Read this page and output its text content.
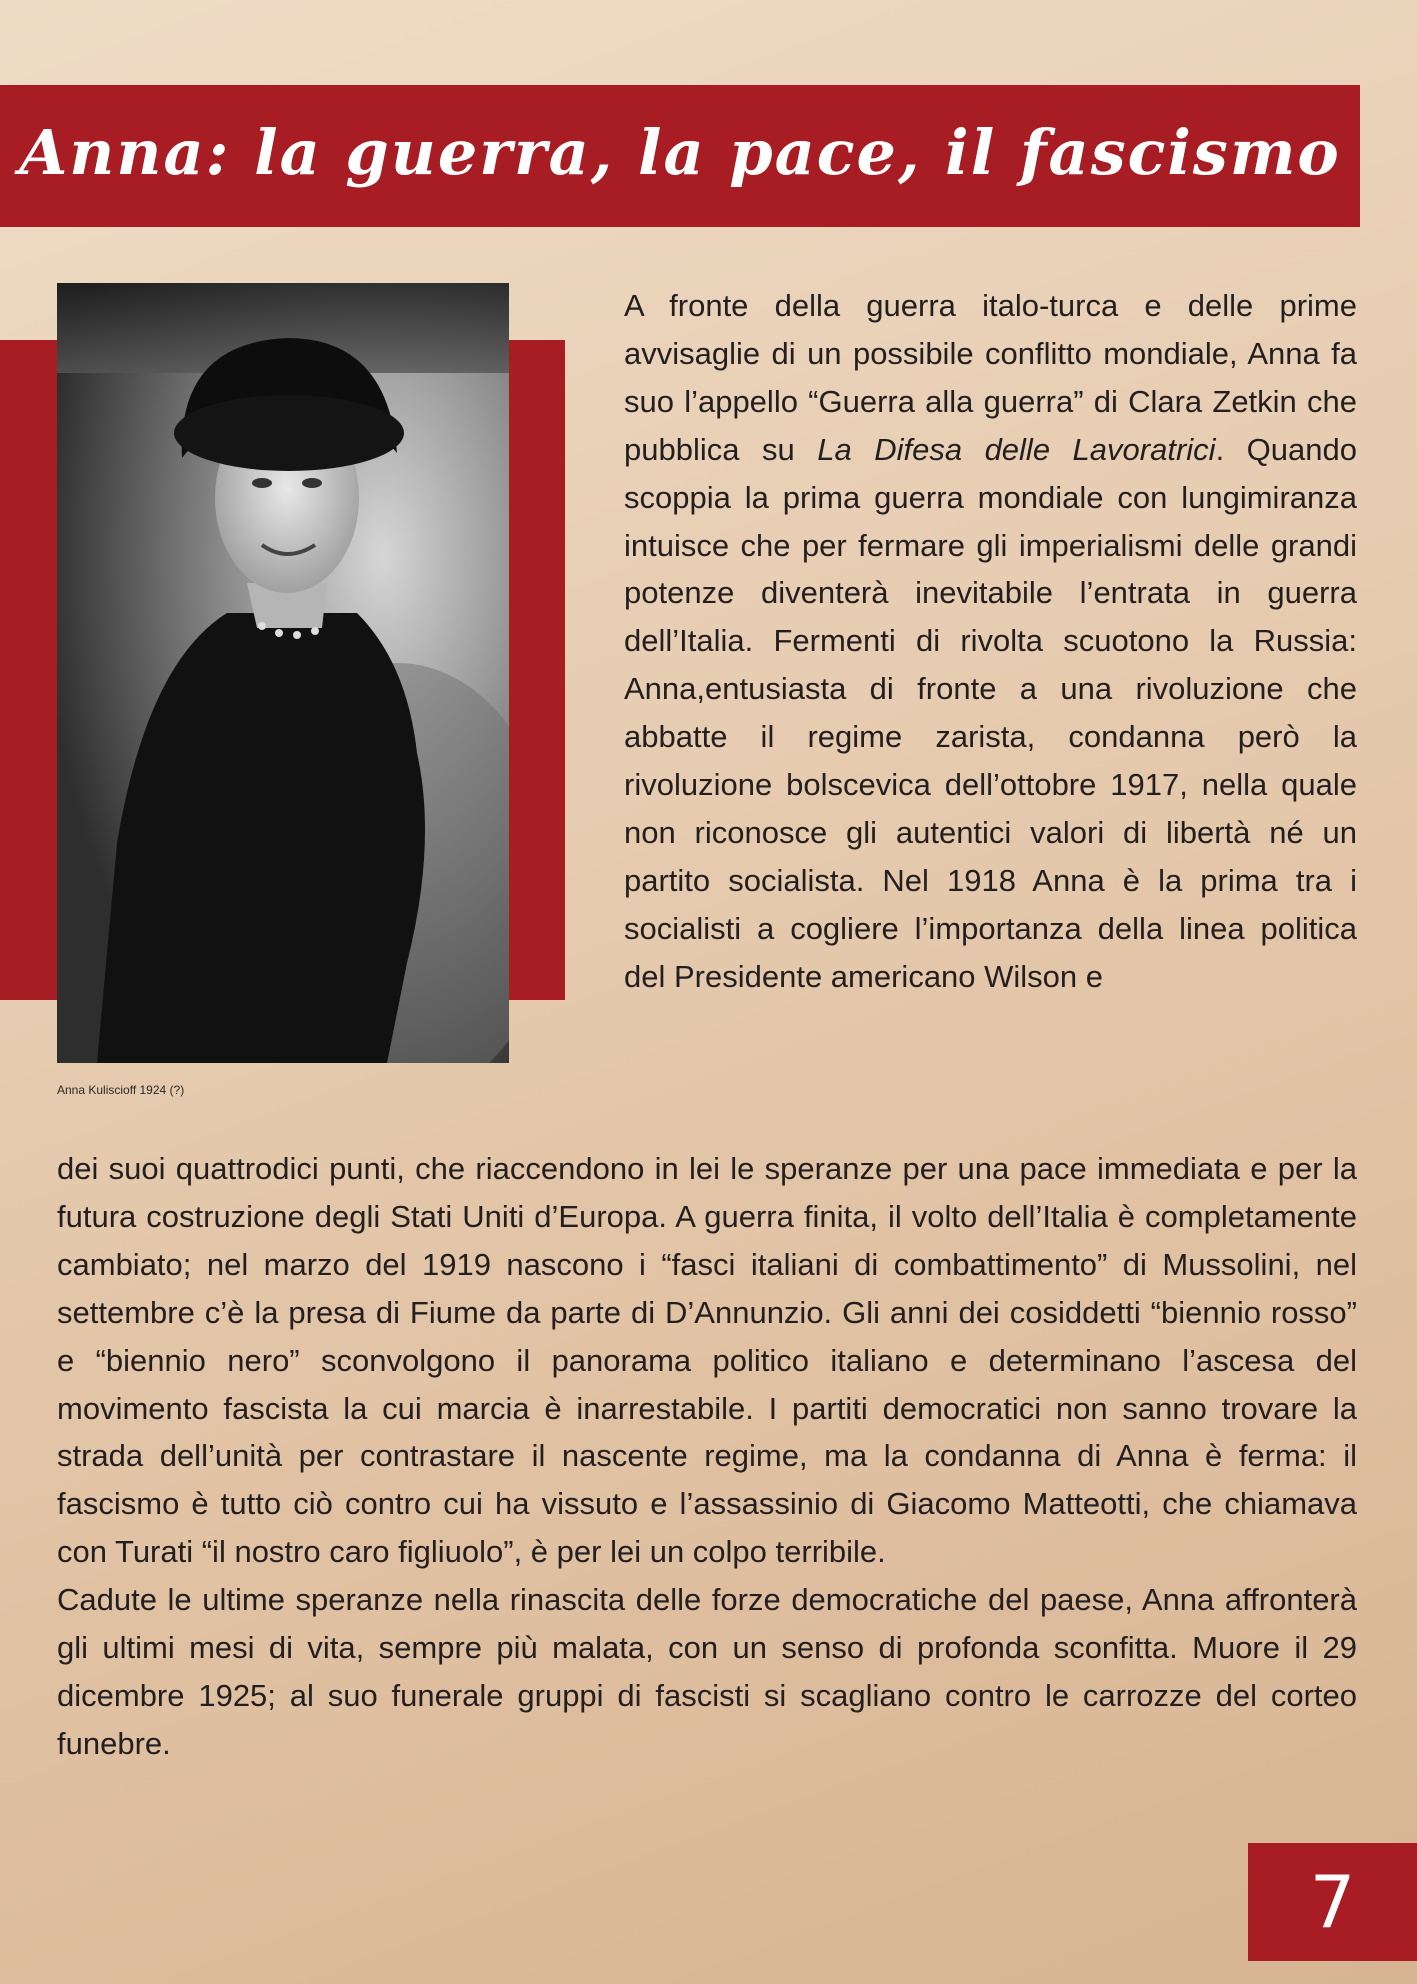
Anna: la guerra, la pace, il fascismo
Anna Kuliscioff 1924 (?)

A fronte della guerra italo-turca e delle prime avvisaglie di un possibile conflitto mondiale, Anna fa suo l’appello “Guerra alla guerra” di Clara Zetkin che pubblica su La Difesa delle Lavoratrici. Quando scoppia la prima guerra mondiale con lungimiranza intuisce che per fermare gli imperialismi delle grandi potenze diventerà inevitabile l’entrata in guerra dell’Italia. Fermenti di rivolta scuotono la Russia: Anna,entusiasta di fronte a una rivoluzione che abbatte il regime zarista, condanna però la rivoluzione bolscevica dell’ottobre 1917, nella quale non riconosce gli autentici valori di libertà né un partito socialista. Nel 1918 Anna è la prima tra i socialisti a cogliere l’importanza della linea politica del Presidente americano Wilson e

dei suoi quattrodici punti, che riaccendono in lei le speranze per una pace immediata e per la futura costruzione degli Stati Uniti d’Europa. A guerra finita, il volto dell’Italia è completamente cambiato; nel marzo del 1919 nascono i “fasci italiani di combattimento” di Mussolini, nel settembre c’è la presa di Fiume da parte di D’Annunzio. Gli anni dei cosiddetti “biennio rosso” e “biennio nero” sconvolgono il panorama politico italiano e determinano l’ascesa del movimento fascista la cui marcia è inarrestabile. I partiti democratici non sanno trovare la strada dell’unità per contrastare il nascente regime, ma la condanna di Anna è ferma: il fascismo è tutto ciò contro cui ha vissuto e l’assassinio di Giacomo Matteotti, che chiamava con Turati “il nostro caro figliuolo”, è per lei un colpo terribile.

Cadute le ultime speranze nella rinascita delle forze democratiche del paese, Anna affronterà gli ultimi mesi di vita, sempre più malata, con un senso di profonda sconfitta. Muore il 29 dicembre 1925; al suo funerale gruppi di fascisti si scagliano contro le carrozze del corteo funebre.

7
